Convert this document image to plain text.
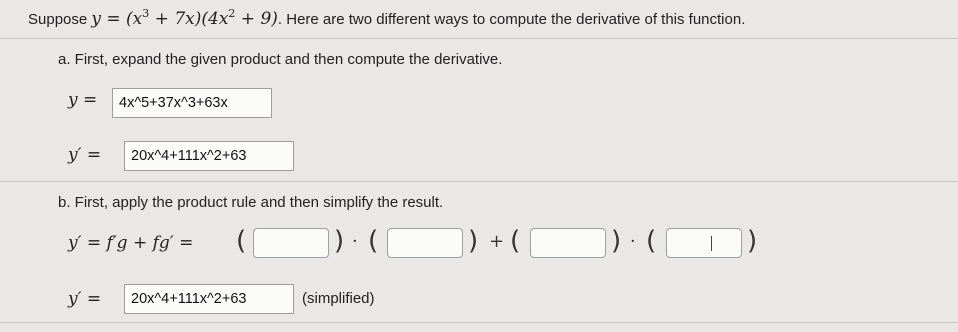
Suppose $y = (x^3 + 7x)(4x^2 + 9)$. Here are two different ways to compute the derivative of this function.
a. First, expand the given product and then compute the derivative.
y =	4x^5+37x^3+63x
y′ =	20x^4+111x^2+63
b. First, apply the product rule and then simplify the result.
y′ = f′g + fg′ = (	) · (	) + (	) · (	)
y′ =	20x^4+111x^2+63	(simplified)
